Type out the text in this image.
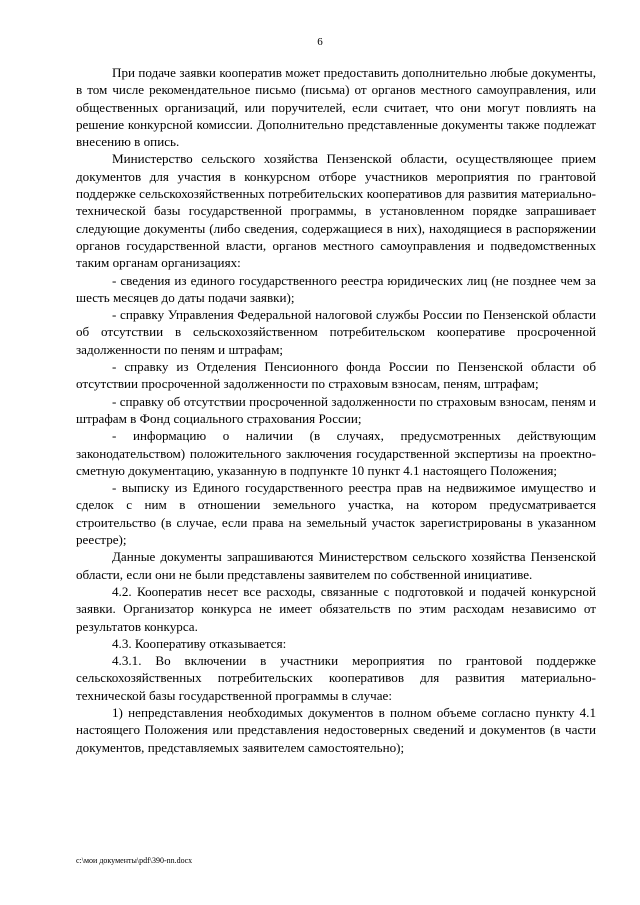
6

При подаче заявки кооператив может предоставить дополнительно любые документы, в том числе рекомендательное письмо (письма) от органов местного самоуправления, или общественных организаций, или поручителей, если считает, что они могут повлиять на решение конкурсной комиссии. Дополнительно представленные документы также подлежат внесению в опись.

Министерство сельского хозяйства Пензенской области, осуществляющее прием документов для участия в конкурсном отборе участников мероприятия по грантовой поддержке сельскохозяйственных потребительских кооперативов для развития материально-технической базы государственной программы, в установленном порядке запрашивает следующие документы (либо сведения, содержащиеся в них), находящиеся в распоряжении органов государственной власти, органов местного самоуправления и подведомственных таким органам организациях:

- сведения из единого государственного реестра юридических лиц (не позднее чем за шесть месяцев до даты подачи заявки);

- справку Управления Федеральной налоговой службы России по Пензенской области об отсутствии в сельскохозяйственном потребительском кооперативе просроченной задолженности по пеням и штрафам;

- справку из Отделения Пенсионного фонда России по Пензенской области об отсутствии просроченной задолженности по страховым взносам, пеням, штрафам;

- справку об отсутствии просроченной задолженности по страховым взносам, пеням и штрафам в Фонд социального страхования России;

- информацию о наличии (в случаях, предусмотренных действующим законодательством) положительного заключения государственной экспертизы на проектно-сметную документацию, указанную в подпункте 10 пункт 4.1 настоящего Положения;

- выписку из Единого государственного реестра прав на недвижимое имущество и сделок с ним в отношении земельного участка, на котором предусматривается строительство (в случае, если права на земельный участок зарегистрированы в указанном реестре);

Данные документы запрашиваются Министерством сельского хозяйства Пензенской области, если они не были представлены заявителем по собственной инициативе.

4.2. Кооператив несет все расходы, связанные с подготовкой и подачей конкурсной заявки. Организатор конкурса не имеет обязательств по этим расходам независимо от результатов конкурса.

4.3. Кооперативу отказывается:

4.3.1. Во включении в участники мероприятия по грантовой поддержке сельскохозяйственных потребительских кооперативов для развития материально-технической базы государственной программы в случае:

1) непредставления необходимых документов в полном объеме согласно пункту 4.1 настоящего Положения или представления недостоверных сведений и документов (в части документов, представляемых заявителем самостоятельно);

c:\мои документы\pdf\390-nn.docx
